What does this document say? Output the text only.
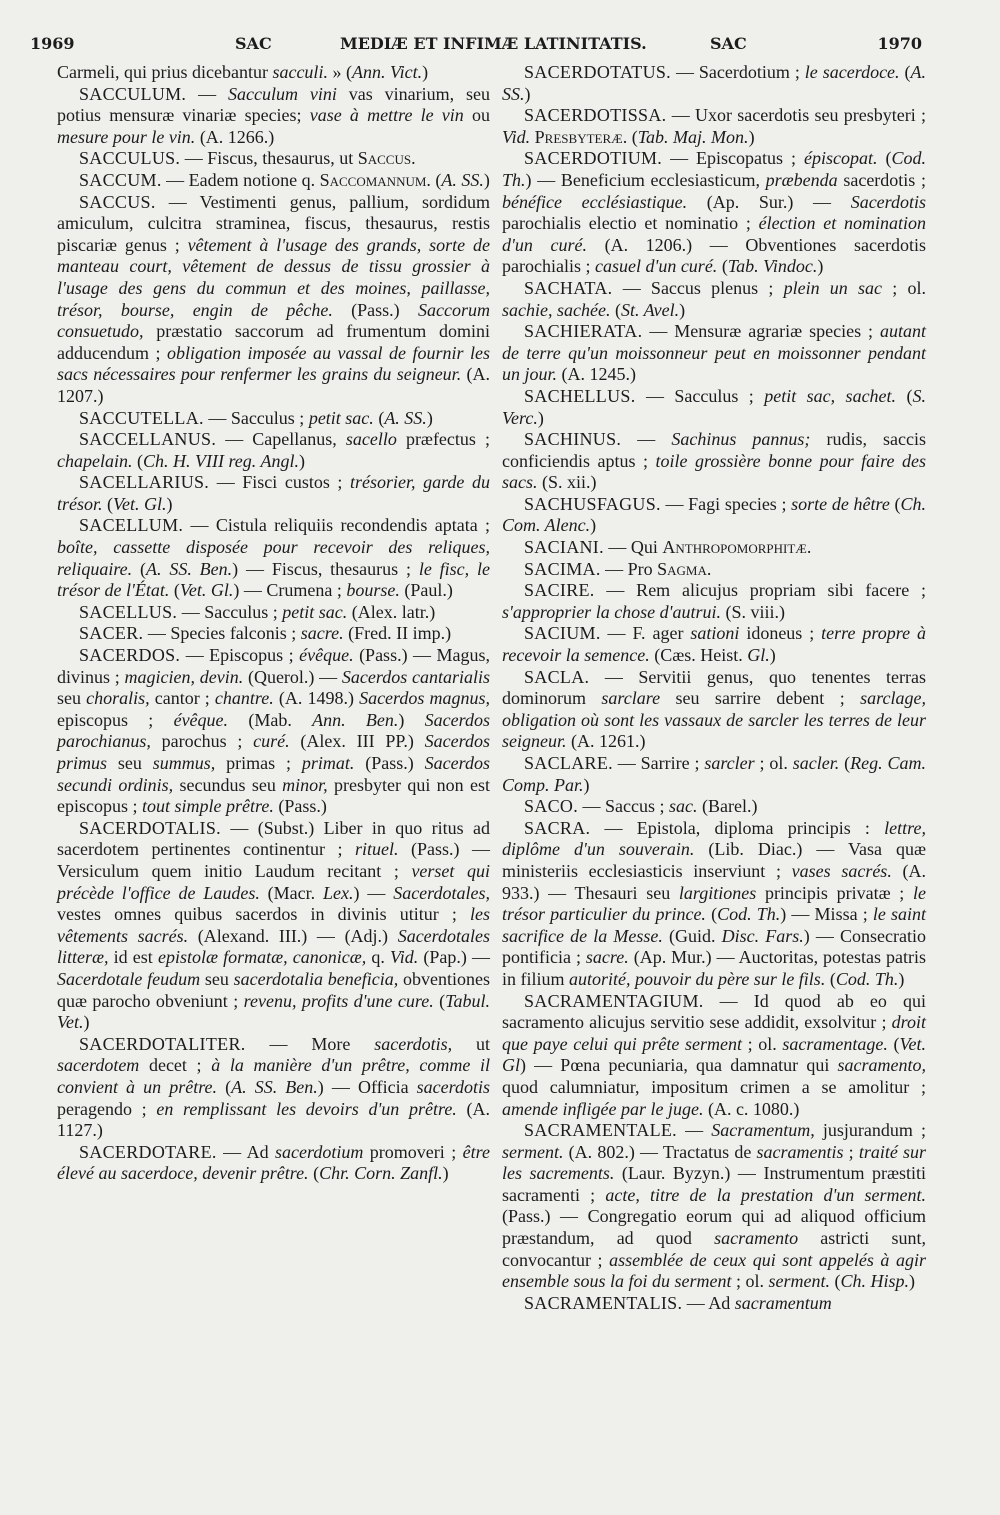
1969	SAC	MEDIÆ ET INFIMÆ LATINITATIS.	SAC	1970

Carmeli, qui prius dicebantur sacculi. » (Ann. Vict.)

SACCULUM. — Sacculum vini vas vinarium, seu potius mensuræ vinariæ species; vase à mettre le vin ou mesure pour le vin. (A. 1266.)

SACCULUS. — Fiscus, thesaurus, ut Saccus.

SACCUM. — Eadem notione q. Saccomannum. (A. SS.)

SACCUS. — Vestimenti genus, pallium, sordidum amiculum, culcitra straminea, fiscus, thesaurus, restis piscariæ genus ; vêtement à l'usage des grands, sorte de manteau court, vêtement de dessus de tissu grossier à l'usage des gens du commun et des moines, paillasse, trésor, bourse, engin de pêche. (Pass.) Saccorum consuetudo, præstatio saccorum ad frumentum domini adducendum ; obligation imposée au vassal de fournir les sacs nécessaires pour renfermer les grains du seigneur. (A. 1207.)

SACCUTELLA. — Sacculus ; petit sac. (A. SS.)

SACCELLANUS. — Capellanus, sacello præfectus ; chapelain. (Ch. H. VIII reg. Angl.)

SACELLARIUS. — Fisci custos ; trésorier, garde du trésor. (Vet. Gl.)

SACELLUM. — Cistula reliquiis recondendis aptata ; boîte, cassette disposée pour recevoir des reliques, reliquaire. (A. SS. Ben.) — Fiscus, thesaurus ; le fisc, le trésor de l'État. (Vet. Gl.) — Crumena ; bourse. (Paul.)

SACELLUS. — Sacculus ; petit sac. (Alex. latr.)

SACER. — Species falconis ; sacre. (Fred. II imp.)

SACERDOS. — Episcopus ; évêque. (Pass.) — Magus, divinus ; magicien, devin. (Querol.) — Sacerdos cantarialis seu choralis, cantor ; chantre. (A. 1498.) Sacerdos magnus, episcopus ; évêque. (Mab. Ann. Ben.) Sacerdos parochianus, parochus ; curé. (Alex. III PP.) Sacerdos primus seu summus, primas ; primat. (Pass.) Sacerdos secundi ordinis, secundus seu minor, presbyter qui non est episcopus ; tout simple prêtre. (Pass.)

SACERDOTALIS. — (Subst.) Liber in quo ritus ad sacerdotem pertinentes continentur ; rituel. (Pass.) — Versiculum quem initio Laudum recitant ; verset qui précède l'office de Laudes. (Macr. Lex.) — Sacerdotales, vestes omnes quibus sacerdos in divinis utitur ; les vêtements sacrés. (Alexand. III.) — (Adj.) Sacerdotales litteræ, id est epistolæ formatæ, canonicæ, q. Vid. (Pap.) — Sacerdotale feudum seu sacerdotalia beneficia, obventiones quæ parocho obveniunt ; revenu, profits d'une cure. (Tabul. Vet.)

SACERDOTALITER. — More sacerdotis, ut sacerdotem decet ; à la manière d'un prêtre, comme il convient à un prêtre. (A. SS. Ben.) — Officia sacerdotis peragendo ; en remplissant les devoirs d'un prêtre. (A. 1127.)

SACERDOTARE. — Ad sacerdotium promoveri ; être élevé au sacerdoce, devenir prêtre. (Chr. Corn. Zanfl.)

SACERDOTATUS. — Sacerdotium ; le sacerdoce. (A. SS.)

SACERDOTISSA. — Uxor sacerdotis seu presbyteri ; Vid. Presbyteræ. (Tab. Maj. Mon.)

SACERDOTIUM. — Episcopatus ; épiscopat. (Cod. Th.) — Beneficium ecclesiasticum, præbenda sacerdotis ; bénéfice ecclésiastique. (Ap. Sur.) — Sacerdotis parochialis electio et nominatio ; élection et nomination d'un curé. (A. 1206.) — Obventiones sacerdotis parochialis ; casuel d'un curé. (Tab. Vindoc.)

SACHATA. — Saccus plenus ; plein un sac ; ol. sachie, sachée. (St. Avel.)

SACHIERATA. — Mensuræ agrariæ species ; autant de terre qu'un moissonneur peut en moissonner pendant un jour. (A. 1245.)

SACHELLUS. — Sacculus ; petit sac, sachet. (S. Verc.)

SACHINUS. — Sachinus pannus; rudis, saccis conficiendis aptus ; toile grossière bonne pour faire des sacs. (S. xii.)

SACHUSFAGUS. — Fagi species ; sorte de hêtre (Ch. Com. Alenc.)

SACIANI. — Qui Anthropomorphitæ.

SACIMA. — Pro Sagma.

SACIRE. — Rem alicujus propriam sibi facere ; s'approprier la chose d'autrui. (S. viii.)

SACIUM. — F. ager sationi idoneus ; terre propre à recevoir la semence. (Cæs. Heist. Gl.)

SACLA. — Servitii genus, quo tenentes terras dominorum sarclare seu sarrire debent ; sarclage, obligation où sont les vassaux de sarcler les terres de leur seigneur. (A. 1261.)

SACLARE. — Sarrire ; sarcler ; ol. sacler. (Reg. Cam. Comp. Par.)

SACO. — Saccus ; sac. (Barel.)

SACRA. — Epistola, diploma principis : lettre, diplôme d'un souverain. (Lib. Diac.) — Vasa quæ ministeriis ecclesiasticis inserviunt ; vases sacrés. (A. 933.) — Thesauri seu largitiones principis privatæ ; le trésor particulier du prince. (Cod. Th.) — Missa ; le saint sacrifice de la Messe. (Guid. Disc. Fars.) — Consecratio pontificia ; sacre. (Ap. Mur.) — Auctoritas, potestas patris in filium autorité, pouvoir du père sur le fils. (Cod. Th.)

SACRAMENTAGIUM. — Id quod ab eo qui sacramento alicujus servitio sese addidit, exsolvitur ; droit que paye celui qui prête serment ; ol. sacramentage. (Vet. Gl) — Pœna pecuniaria, qua damnatur qui sacramento, quod calumniatur, impositum crimen a se amolitur ; amende infligée par le juge. (A. c. 1080.)

SACRAMENTALE. — Sacramentum, jusjurandum ; serment. (A. 802.) — Tractatus de sacramentis ; traité sur les sacrements. (Laur. Byzyn.) — Instrumentum præstiti sacramenti ; acte, titre de la prestation d'un serment. (Pass.) — Congregatio eorum qui ad aliquod officium præstandum, ad quod sacramento astricti sunt, convocantur ; assemblée de ceux qui sont appelés à agir ensemble sous la foi du serment ; ol. serment. (Ch. Hisp.)

SACRAMENTALIS. — Ad sacramentum
